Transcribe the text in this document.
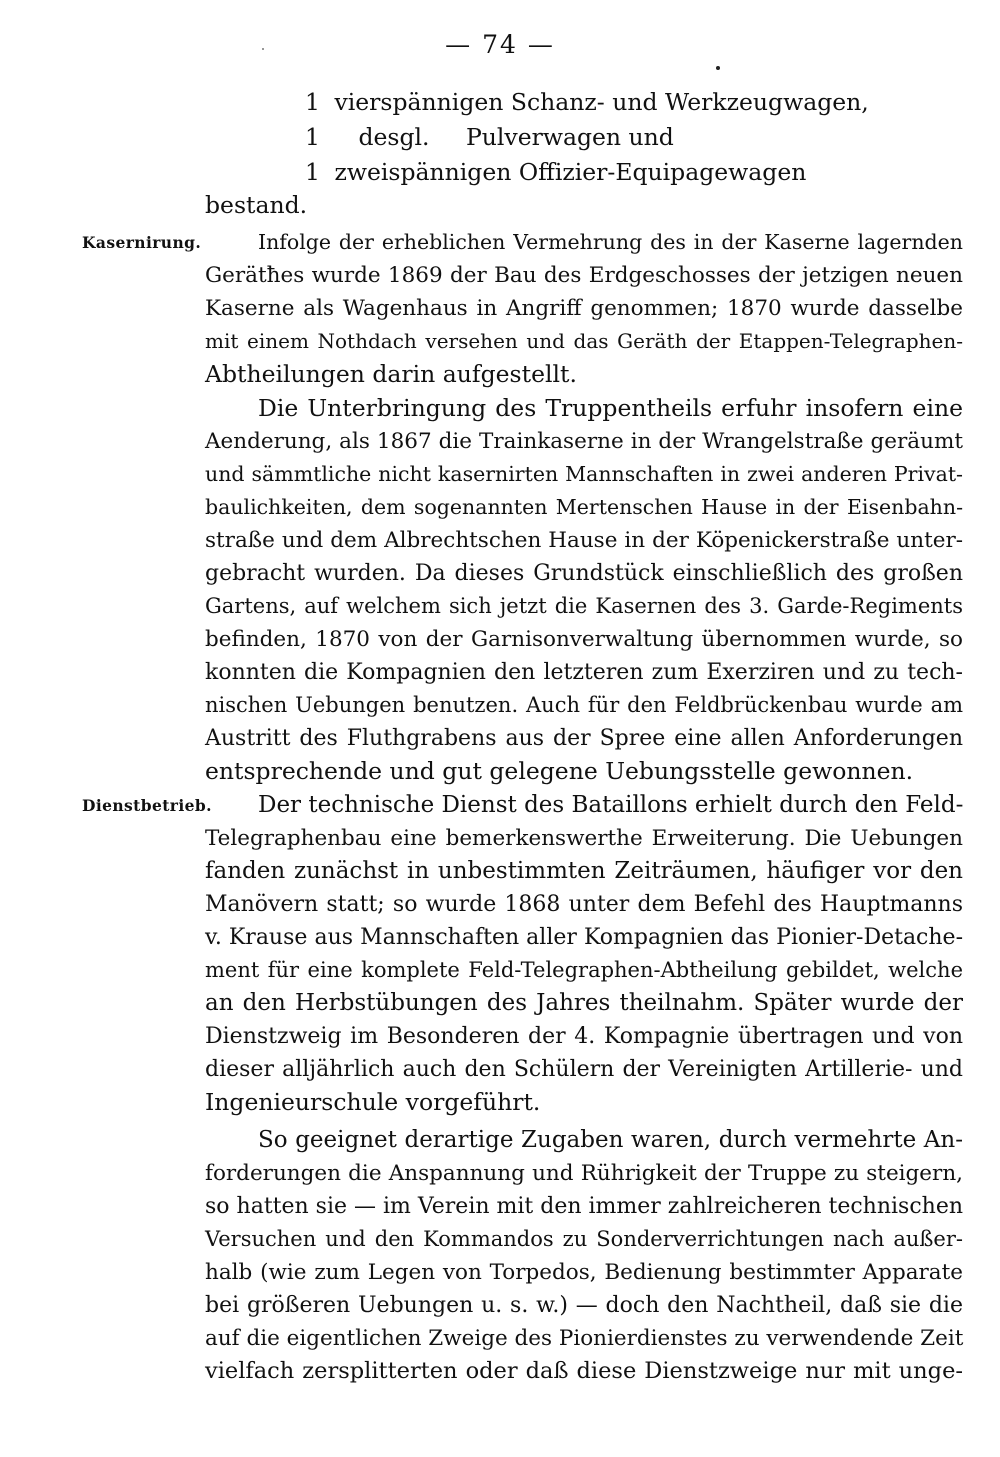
— 74 —
1 vierspännigen Schanz- und Werkzeugwagen,
1 desgl. Pulverwagen und
1 zweispännigen Offizier-Equipagewagen
bestand.
Kasernirung.
Dienstbetrieb.
Infolge der erheblichen Vermehrung des in der Kaserne lagernden
Gerätħes wurde 1869 der Bau des Erdgeschosses der jetzigen neuen
Kaserne als Wagenhaus in Angriff genommen; 1870 wurde dasselbe
mit einem Nothdach versehen und das Geräth der Etappen-Telegraphen-
Abtheilungen darin aufgestellt.
Die Unterbringung des Truppentheils erfuhr insofern eine
Aenderung, als 1867 die Trainkaserne in der Wrangelstraße geräumt
und sämmtliche nicht kasernirten Mannschaften in zwei anderen Privat-
baulichkeiten, dem sogenannten Mertenschen Hause in der Eisenbahn-
straße und dem Albrechtschen Hause in der Köpenickerstraße unter-
gebracht wurden. Da dieses Grundstück einschließlich des großen
Gartens, auf welchem sich jetzt die Kasernen des 3. Garde-Regiments
befinden, 1870 von der Garnisonverwaltung übernommen wurde, so
konnten die Kompagnien den letzteren zum Exerziren und zu tech-
nischen Uebungen benutzen. Auch für den Feldbrückenbau wurde am
Austritt des Fluthgrabens aus der Spree eine allen Anforderungen
entsprechende und gut gelegene Uebungsstelle gewonnen.
Der technische Dienst des Bataillons erhielt durch den Feld-
Telegraphenbau eine bemerkenswerthe Erweiterung. Die Uebungen
fanden zunächst in unbestimmten Zeiträumen, häufiger vor den
Manövern statt; so wurde 1868 unter dem Befehl des Hauptmanns
v. Krause aus Mannschaften aller Kompagnien das Pionier-Detache-
ment für eine komplete Feld-Telegraphen-Abtheilung gebildet, welche
an den Herbstübungen des Jahres theilnahm. Später wurde der
Dienstzweig im Besonderen der 4. Kompagnie übertragen und von
dieser alljährlich auch den Schülern der Vereinigten Artillerie- und
Ingenieurschule vorgeführt.
So geeignet derartige Zugaben waren, durch vermehrte An-
forderungen die Anspannung und Rührigkeit der Truppe zu steigern,
so hatten sie — im Verein mit den immer zahlreicheren technischen
Versuchen und den Kommandos zu Sonderverrichtungen nach außer-
halb (wie zum Legen von Torpedos, Bedienung bestimmter Apparate
bei größeren Uebungen u. s. w.) — doch den Nachtheil, daß sie die
auf die eigentlichen Zweige des Pionierdienstes zu verwendende Zeit
vielfach zersplitterten oder daß diese Dienstzweige nur mit unge-
